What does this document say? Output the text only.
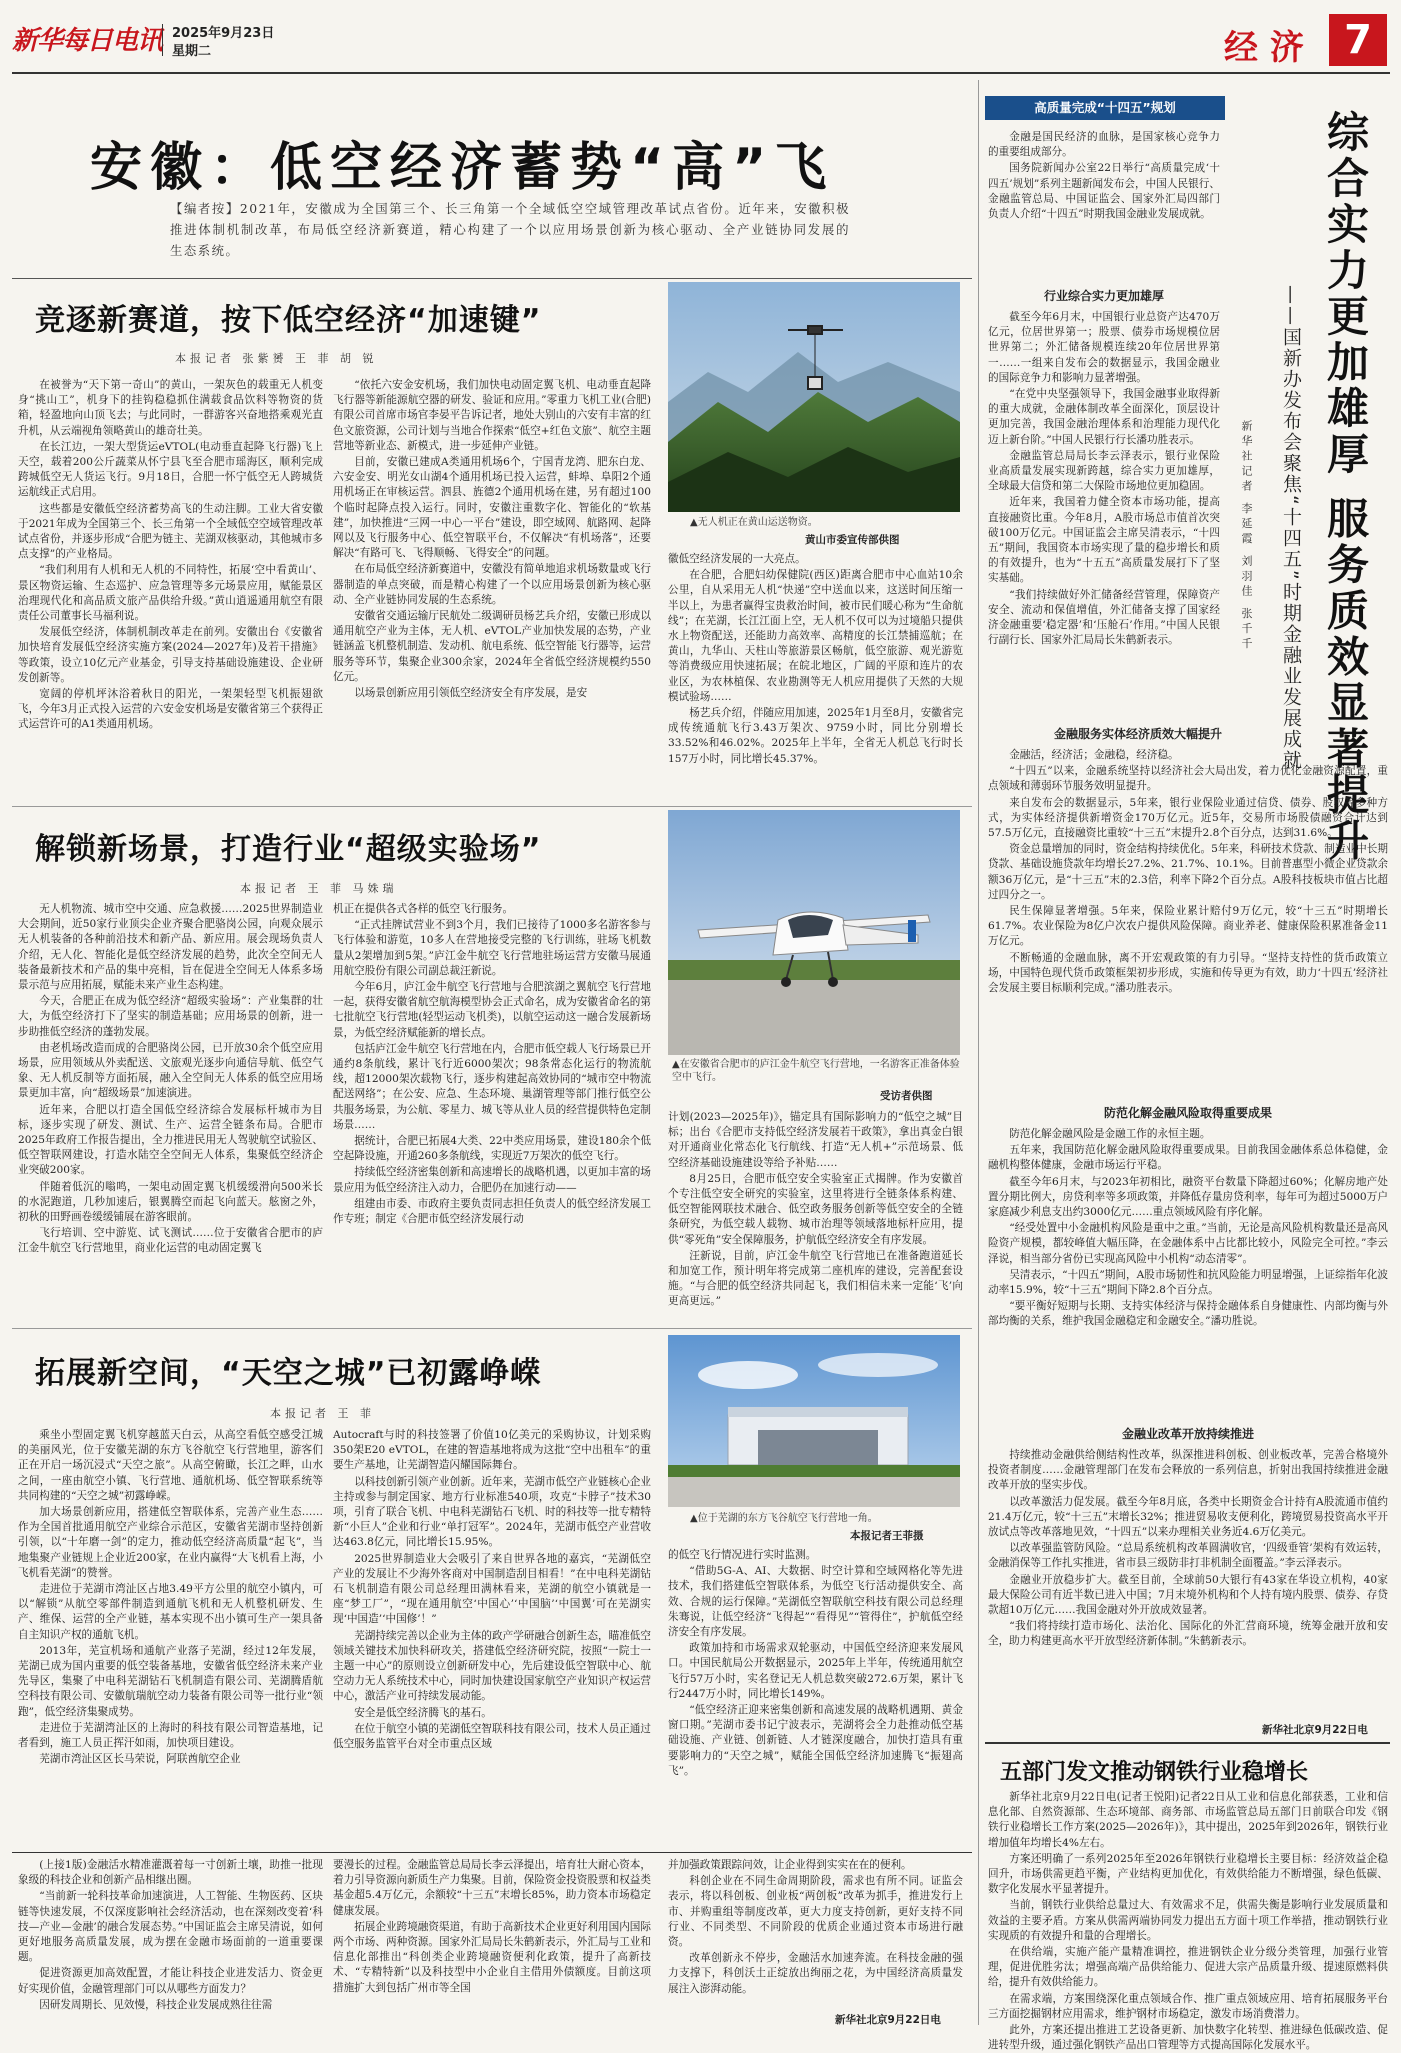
新华每日电讯 2025年9月23日
星期二	经 济	7
安徽：低空经济蓄势“高”飞
【编者按】2021年，安徽成为全国第三个、长三角第一个全域低空空域管理改革试点省份。近年来，安徽积极推进体制机制改革，布局低空经济新赛道，精心构建了一个以应用场景创新为核心驱动、全产业链协同发展的生态系统。
竞逐新赛道，按下低空经济“加速键”
本报记者 张紫赟 王 菲 胡 锐

在被誉为“天下第一奇山”的黄山，一架灰色的载重无人机变身“挑山工”，机身下的挂钩稳稳抓住满载食品饮料等物资的货箱，轻盈地向山顶飞去；与此同时，一群游客兴奋地搭乘观光直升机，从云端视角领略黄山的雄奇壮美。

在长江边，一架大型货运eVTOL(电动垂直起降飞行器)飞上天空，载着200公斤蔬菜从怀宁县飞至合肥市瑶海区，顺利完成跨城低空无人货运飞行。9月18日，合肥一怀宁低空无人跨城货运航线正式启用。

这些都是安徽低空经济蓄势高飞的生动注脚。工业大省安徽于2021年成为全国第三个、长三角第一个全域低空空域管理改革试点省份，并逐步形成“合肥为链主、芜湖双核驱动，其他城市多点支撑”的产业格局。

“我们利用有人机和无人机的不同特性，拓展‘空中看黄山’、景区物资运输、生态巡护、应急管理等多元场景应用，赋能景区治理现代化和高品质文旅产品供给升级。”黄山逍遥通用航空有限责任公司董事长马福利说。

发展低空经济，体制机制改革走在前列。安徽出台《安徽省加快培育发展低空经济实施方案(2024—2027年)及若干措施》等政策，设立10亿元产业基金，引导支持基础设施建设、企业研发创新等。

宽阔的停机坪沐浴着秋日的阳光，一架架轻型飞机振翅欲飞，今年3月正式投入运营的六安金安机场是安徽省第三个获得正式运营许可的A1类通用机场。

“依托六安金安机场，我们加快电动固定翼飞机、电动垂直起降飞行器等新能源航空器的研发、验证和应用。”零重力飞机工业(合肥)有限公司首席市场官李晏平告诉记者，地处大别山的六安有丰富的红色文旅资源，公司计划与当地合作探索“低空+红色文旅”、航空主题营地等新业态、新模式，进一步延伸产业链。

目前，安徽已建成A类通用机场6个，宁国青龙湾、肥东白龙、六安金安、明光女山湖4个通用机场已投入运营，蚌埠、阜阳2个通用机场正在审核运营。泗县、旌德2个通用机场在建，另有超过100个临时起降点投入运行。同时，安徽注重数字化、智能化的“软基建”，加快推进“三网一中心一平台”建设，即空域网、航路网、起降网以及飞行服务中心、低空智联平台，不仅解决“有机场落”，还要解决“有路可飞、飞得顺畅、飞得安全”的问题。

在布局低空经济新赛道中，安徽没有简单地追求机场数量或飞行器制造的单点突破，而是精心构建了一个以应用场景创新为核心驱动、全产业链协同发展的生态系统。

安徽省交通运输厅民航处二级调研员杨艺兵介绍，安徽已形成以通用航空产业为主体，无人机、eVTOL产业加快发展的态势，产业链涵盖飞机整机制造、发动机、航电系统、低空智能飞行器等，运营服务等环节，集聚企业300余家，2024年全省低空经济规模约550亿元。

以场景创新应用引领低空经济安全有序发展，是安

▲无人机正在黄山运送物资。
黄山市委宣传部供图

徽低空经济发展的一大亮点。

在合肥，合肥妇幼保健院(西区)距离合肥市中心血站10余公里，自从采用无人机“快递”空中送血以来，这送时间压缩一半以上，为患者赢得宝贵救治时间，被市民们暖心称为“生命航线”；在芜湖，长江江面上空，无人机不仅可以为过境船只提供水上物资配送，还能助力高效率、高精度的长江禁捕巡航；在黄山，九华山、天柱山等旅游景区畅航，低空旅游、观光游览等消费级应用快速拓展；在皖北地区，广阔的平原和连片的农业区，为农林植保、农业勘测等无人机应用提供了天然的大规模试验场……

杨艺兵介绍，伴随应用加速，2025年1月至8月，安徽省完成传统通航飞行3.43万架次、9759小时，同比分别增长33.52%和46.02%。2025年上半年，全省无人机总飞行时长157万小时，同比增长45.37%。

解锁新场景，打造行业“超级实验场”
本报记者 王 菲 马姝瑞

无人机物流、城市空中交通、应急救援……2025世界制造业大会期间，近50家行业顶尖企业齐聚合肥骆岗公园，向观众展示无人机装备的各种前沿技术和新产品、新应用。展会现场负责人介绍，无人化、智能化是低空经济发展的趋势，此次全空间无人装备最新技术和产品的集中亮相，旨在促进全空间无人体系多场景示范与应用拓展，赋能未来产业生态构建。

今天，合肥正在成为低空经济“超级实验场”：产业集群的壮大，为低空经济打下了坚实的制造基础；应用场景的创新，进一步助推低空经济的蓬勃发展。

由老机场改造而成的合肥骆岗公园，已开放30余个低空应用场景，应用领域从外卖配送、文旅观光逐步向通信导航、低空气象、无人机反制等方面拓展，融入全空间无人体系的低空应用场景更加丰富，向“超级场景”加速演进。

近年来，合肥以打造全国低空经济综合发展标杆城市为目标，逐步实现了研发、测试、生产、运营全链条布局。合肥市2025年政府工作报告提出，全力推进民用无人驾驶航空试验区、低空智联网建设，打造水陆空全空间无人体系，集聚低空经济企业突破200家。

伴随着低沉的嗡鸣，一架电动固定翼飞机缓缓滑向500米长的水泥跑道，几秒加速后，银翼腾空而起飞向蓝天。舷窗之外，初秋的田野画卷缓缓铺展在游客眼前。

飞行培训、空中游览、试飞测试……位于安徽省合肥市的庐江金牛航空飞行营地里，商业化运营的电动固定翼飞

机正在提供各式各样的低空飞行服务。

“正式挂牌试营业不到3个月，我们已接待了1000多名游客参与飞行体验和游览，10多人在营地接受完整的飞行训练，驻场飞机数量从2架增加到5架。”庐江金牛航空飞行营地驻场运营方安徽马展通用航空股份有限公司副总裁汪新说。

今年6月，庐江金牛航空飞行营地与合肥滨湖之翼航空飞行营地一起，获得安徽省航空航海模型协会正式命名，成为安徽省命名的第七批航空飞行营地(轻型运动飞机类)，以航空运动这一融合发展新场景，为低空经济赋能新的增长点。

包括庐江金牛航空飞行营地在内，合肥市低空载人飞行场景已开通约8条航线，累计飞行近6000架次；98条常态化运行的物流航线，超12000架次载物飞行，逐步构建起高效协同的“城市空中物流配送网络”；在公安、应急、生态环境、巢湖管理等部门推行低空公共服务场景，为公航、零星力、城飞等从业人员的经营提供特色定制场景……

据统计，合肥已拓展4大类、22中类应用场景，建设180余个低空起降设施，开通260多条航线，实现近7万架次的低空飞行。

持续低空经济密集创新和高速增长的战略机遇，以更加丰富的场景应用为低空经济注入动力，合肥仍在加速行动——

组建由市委、市政府主要负责同志担任负责人的低空经济发展工作专班；制定《合肥市低空经济发展行动

▲在安徽省合肥市的庐江金牛航空飞行营地，一名游客正准备体验空中飞行。
受访者供图

计划(2023—2025年)》，锚定具有国际影响力的“低空之城”目标；出台《合肥市支持低空经济发展若干政策》，拿出真金白银对开通商业化常态化飞行航线、打造“无人机+”示范场景、低空经济基础设施建设等给予补贴……

8月25日，合肥市低空安全实验室正式揭牌。作为安徽首个专注低空安全研究的实验室，这里将进行全链条体系构建、低空智能网联技术融合、低空政务服务创新等低空安全的全链条研究，为低空载人载物、城市治理等领域落地标杆应用，提供“零死角”安全保障服务，护航低空经济安全有序发展。

汪新说，目前，庐江金牛航空飞行营地已在准备跑道延长和加宽工作，预计明年将完成第二座机库的建设，完善配套设施。“与合肥的低空经济共同起飞，我们相信未来一定能‘飞’向更高更远。”

拓展新空间，“天空之城”已初露峥嵘
本报记者 王 菲

乘坐小型固定翼飞机穿越蓝天白云，从高空看低空感受江城的美丽风光，位于安徽芜湖的东方飞谷航空飞行营地里，游客们正在开启一场沉浸式“天空之旅”。从高空俯瞰，长江之畔，山水之间，一座由航空小镇、飞行营地、通航机场、低空智联系统等共同构建的“天空之城”初露峥嵘。

加大场景创新应用，搭建低空智联体系，完善产业生态……作为全国首批通用航空产业综合示范区，安徽省芜湖市坚持创新引领，以“十年磨一剑”的定力，推动低空经济高质量“起飞”，当地集聚产业链规上企业近200家，在业内赢得“大飞机看上海，小飞机看芜湖”的赞誉。

走进位于芜湖市湾沚区占地3.49平方公里的航空小镇内，可以“解锁”从航空零部件制造到通航飞机和无人机整机研发、生产、维保、运营的全产业链，基本实现不出小镇可生产一架具备自主知识产权的通航飞机。

2013年，芜宣机场和通航产业落子芜湖，经过12年发展，芜湖已成为国内重要的低空装备基地，安徽省低空经济未来产业先导区，集聚了中电科芜湖钻石飞机制造有限公司、芜湖腾盾航空科技有限公司、安徽航瑞航空动力装备有限公司等一批行业“领跑”，低空经济集聚成势。

走进位于芜湖湾沚区的上海时的科技有限公司智造基地，记者看到，施工人员正挥汗如雨，加快项目建设。

芜湖市湾沚区区长马荣说，阿联酋航空企业

Autocraft与时的科技签署了价值10亿美元的采购协议，计划采购350架E20 eVTOL，在建的智造基地将成为这批“空中出租车”的重要生产基地，让芜湖智造闪耀国际舞台。

以科技创新引领产业创新。近年来，芜湖市低空产业链核心企业主持或参与制定国家、地方行业标准540项，攻克“卡脖子”技术30项，引育了联合飞机、中电科芜湖钻石飞机、时的科技等一批专精特新“小巨人”企业和行业“单打冠军”。2024年，芜湖市低空产业营收达463.8亿元，同比增长15.95%。

2025世界制造业大会吸引了来自世界各地的嘉宾，“芜湖低空产业的发展让不少海外客商对中国制造刮目相看！”在中电科芜湖钻石飞机制造有限公司总经理田满林看来，芜湖的航空小镇就是一座“梦工厂”，“现在通用航空‘中国心’‘中国脑’‘中国翼’可在芜湖实现‘中国造’‘中国修’！”

芜湖持续完善以企业为主体的政产学研融合创新生态，瞄准低空领域关键技术加快科研攻关，搭建低空经济研究院，按照“一院士一主题一中心”的原则设立创新研发中心，先后建设低空智联中心、航空动力无人系统技术中心，同时加快建设国家航空产业知识产权运营中心，激活产业可持续发展动能。

安全是低空经济腾飞的基石。

在位于航空小镇的芜湖低空智联科技有限公司，技术人员正通过低空服务监管平台对全市重点区域

▲位于芜湖的东方飞谷航空飞行营地一角。
本报记者王菲摄

的低空飞行情况进行实时监测。

“借助5G-A、AI、大数据、时空计算和空域网格化等先进技术，我们搭建低空智联体系，为低空飞行活动提供安全、高效、合规的运行保障。”芜湖低空智联航空科技有限公司总经理朱骞说，让低空经济“飞得起”“看得见”“管得住”，护航低空经济安全有序发展。

政策加持和市场需求双轮驱动，中国低空经济迎来发展风口。中国民航局公开数据显示，2025年上半年，传统通用航空飞行57万小时，实名登记无人机总数突破272.6万架，累计飞行2447万小时，同比增长149%。

“低空经济正迎来密集创新和高速发展的战略机遇期、黄金窗口期。”芜湖市委书记宁波表示，芜湖将会全力赴推动低空基础设施、产业链、创新链、人才链深度融合，加快打造具有重要影响力的“天空之城”，赋能全国低空经济加速腾飞“振翅高飞”。

(上接1版)金融活水精准灌溉着每一寸创新土壤，助推一批现象级的科技企业和创新产品相继出圈。

“当前新一轮科技革命加速演进，人工智能、生物医药、区块链等快速发展，不仅深度影响社会经济活动，也在深刻改变着‘科技—产业—金融’的融合发展态势。”中国证监会主席吴清说，如何更好地服务高质量发展，成为摆在金融市场面前的一道重要课题。

促进资源更加高效配置，才能让科技企业进发活力、资金更好实现价值，金融管理部门可以从哪些方面发力？

因研发周期长、见效慢，科技企业发展成熟往往需

要漫长的过程。金融监管总局局长李云泽提出，培育壮大耐心资本，着力引导资源向新质生产力集聚。目前，保险资金投资股票和权益类基金超5.4万亿元，余额较“十三五”末增长85%，助力资本市场稳定健康发展。

拓展企业跨境融资渠道，有助于高新技术企业更好利用国内国际两个市场、两种资源。国家外汇局局长朱鹤新表示，外汇局与工业和信息化部推出“科创类企业跨境融资便利化政策，提升了高新技术、“专精特新”以及科技型中小企业自主借用外债额度。目前这项措施扩大到包括广州市等全国

并加强政策跟踪问效，让企业得到实实在在的便利。

科创企业在不同生命周期阶段，需求也有所不同。证监会表示，将以科创板、创业板“两创板”改革为抓手，推进发行上市、并购重组等制度改革，更大力度支持创新，更好支持不同行业、不同类型、不同阶段的优质企业通过资本市场进行融资。

改革创新永不停步，金融活水加速奔流。在科技金融的强力支撑下，科创沃土正绽放出绚丽之花，为中国经济高质量发展注入澎湃动能。

新华社北京9月22日电
高质量完成“十四五”规划

金融是国民经济的血脉，是国家核心竞争力的重要组成部分。

国务院新闻办公室22日举行“高质量完成‘十四五’规划”系列主题新闻发布会，中国人民银行、金融监管总局、中国证监会、国家外汇局四部门负责人介绍“十四五”时期我国金融业发展成就。	综合实力更加雄厚 服务质效显著提升
——国新办发布会聚焦“十四五”时期金融业发展成就
新华社记者 李延霞 刘羽佳 张千千
行业综合实力更加雄厚

截至今年6月末，中国银行业总资产达470万亿元，位居世界第一；股票、债券市场规模位居世界第二；外汇储备规模连续20年位居世界第一……一组来自发布会的数据显示，我国金融业的国际竞争力和影响力显著增强。

“在党中央坚强领导下，我国金融事业取得新的重大成就，金融体制改革全面深化，顶层设计更加完善，我国金融治理体系和治理能力现代化迈上新台阶。”中国人民银行行长潘功胜表示。

金融监管总局局长李云泽表示，银行业保险业高质量发展实现新跨越，综合实力更加雄厚，全球最大信贷和第二大保险市场地位更加稳固。

近年来，我国着力健全资本市场功能，提高直接融资比重。今年8月，A股市场总市值首次突破100万亿元。中国证监会主席吴清表示，“十四五”期间，我国资本市场实现了量的稳步增长和质的有效提升，也为“十五五”高质量发展打下了坚实基础。

“我们持续做好外汇储备经营管理，保障资产安全、流动和保值增值，外汇储备支撑了国家经济金融重要‘稳定器’和‘压舱石’作用。”中国人民银行副行长、国家外汇局局长朱鹤新表示。

金融服务实体经济质效大幅提升

金融活，经济活；金融稳，经济稳。

“十四五”以来，金融系统坚持以经济社会大局出发，着力优化金融资源配置，重点领域和薄弱环节服务效明显提升。

来自发布会的数据显示，5年来，银行业保险业通过信贷、债券、股权等多种方式，为实体经济提供新增资金170万亿元。近5年，交易所市场股债融资合计达到57.5万亿元，直接融资比重较“十三五”末提升2.8个百分点，达到31.6%。

资金总量增加的同时，资金结构持续优化。5年来，科研技术贷款、制造业中长期贷款、基础设施贷款年均增长27.2%、21.7%、10.1%。目前普惠型小微企业贷款余额36万亿元，是“十三五”末的2.3倍，利率下降2个百分点。A股科技板块市值占比超过四分之一。

民生保障显著增强。5年来，保险业累计赔付9万亿元，较“十三五”时期增长61.7%。农业保险为8亿户次农户提供风险保障。商业养老、健康保险积累准备金11万亿元。

不断畅通的金融血脉，离不开宏观政策的有力引导。“坚持支持性的货币政策立场，中国特色现代货币政策框架初步形成，实施和传导更为有效，助力‘十四五’经济社会发展主要目标顺利完成。”潘功胜表示。

防范化解金融风险取得重要成果

防范化解金融风险是金融工作的永恒主题。

五年来，我国防范化解金融风险取得重要成果。目前我国金融体系总体稳健，金融机构整体健康，金融市场运行平稳。

截至今年6月末，与2023年初相比，融资平台数量下降超过60%；化解房地产处置分期比例大，房贷利率等多项政策，并降低存量房贷利率，每年可为超过5000万户家庭减少利息支出约3000亿元……重点领域风险有序化解。

“经受处置中小金融机构风险是重中之重。”当前，无论是高风险机构数量还是高风险资产规模，都较峰值大幅压降，在金融体系中占比都比较小，风险完全可控。”李云泽说，相当部分省份已实现高风险中小机构“动态清零”。

吴清表示，“十四五”期间，A股市场韧性和抗风险能力明显增强，上证综指年化波动率15.9%，较“十三五”期间下降2.8个百分点。

“要平衡好短期与长期、支持实体经济与保持金融体系自身健康性、内部均衡与外部均衡的关系，维护我国金融稳定和金融安全。”潘功胜说。

金融业改革开放持续推进

持续推动金融供给侧结构性改革，纵深推进科创板、创业板改革，完善合格境外投资者制度……金融管理部门在发布会释放的一系列信息，折射出我国持续推进金融改革开放的坚实步伐。

以改革激活力促发展。截至今年8月底，各类中长期资金合计持有A股流通市值约21.4万亿元，较“十三五”末增长32%；推进贸易收支便利化，跨境贸易投资高水平开放试点等改革落地见效，“十四五”以来办理相关业务近4.6万亿美元。

以改革强监管防风险。“总局系统机构改革圆满收官，‘四级垂管’架构有效运转，金融消保等工作扎实推进，省市县三级防非打非机制全面覆盖。”李云泽表示。

金融业开放稳步扩大。截至目前，全球前50大银行有43家在华设立机构，40家最大保险公司有近半数已进入中国；7月末境外机构和个人持有境内股票、债券、存贷款超10万亿元……我国金融对外开放成效显著。

“我们将持续打造市场化、法治化、国际化的外汇营商环境，统筹金融开放和安全，助力构建更高水平开放型经济新体制。”朱鹤新表示。

新华社北京9月22日电
五部门发文推动钢铁行业稳增长

新华社北京9月22日电(记者王悦阳)记者22日从工业和信息化部获悉，工业和信息化部、自然资源部、生态环境部、商务部、市场监管总局五部门日前联合印发《钢铁行业稳增长工作方案(2025—2026年)》，其中提出，2025年到2026年，钢铁行业增加值年均增长4%左右。

方案还明确了一系列2025年至2026年钢铁行业稳增长主要目标：经济效益企稳回升，市场供需更趋平衡，产业结构更加优化，有效供给能力不断增强，绿色低碳、数字化发展水平显著提升。

当前，钢铁行业供给总量过大、有效需求不足，供需失衡是影响行业发展质量和效益的主要矛盾。方案从供需两端协同发力提出五方面十项工作举措，推动钢铁行业实现质的有效提升和量的合理增长。

在供给端，实施产能产量精准调控，推进钢铁企业分级分类管理，加强行业管理，促进优胜劣汰；增强高端产品供给能力、促进大宗产品质量升级、提速原燃料供给，提升有效供给能力。

在需求端，方案围绕深化重点领域合作、推广重点领域应用、培育拓展服务平台三方面挖掘钢材应用需求，维护钢材市场稳定，激发市场消费潜力。

此外，方案还提出推进工艺设备更新、加快数字化转型、推进绿色低碳改造、促进转型升级，通过强化钢铁产品出口管理等方式提高国际化发展水平。
